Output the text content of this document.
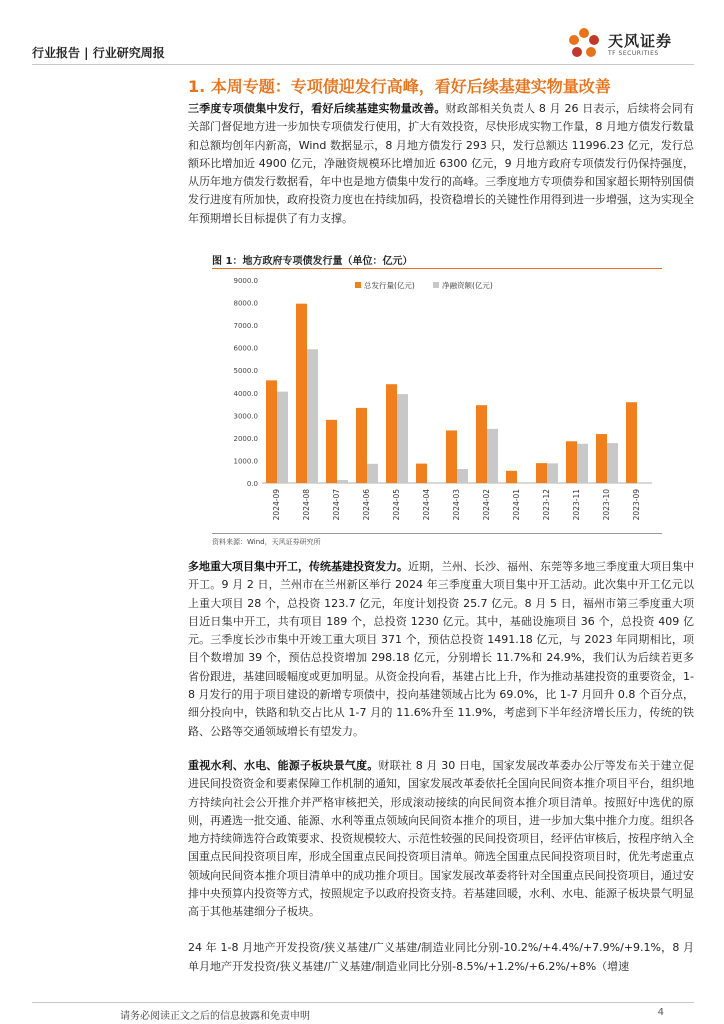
行业报告 | 行业研究周报
天风证券
TF SECURITIES
1. 本周专题：专项债迎发行高峰，看好后续基建实物量改善
三季度专项债集中发行，看好后续基建实物量改善。财政部相关负责人 8 月 26 日表示，后续将会同有关部门督促地方进一步加快专项债发行使用，扩大有效投资，尽快形成实物工作量，8 月地方债发行数量和总额均创年内新高，Wind 数据显示，8 月地方债发行 293 只，发行总额达 11996.23 亿元，发行总额环比增加近 4900 亿元，净融资规模环比增加近 6300 亿元，9 月地方政府专项债发行仍保持强度，从历年地方债发行数据看，年中也是地方债集中发行的高峰。三季度地方专项债券和国家超长期特别国债发行进度有所加快，政府投资力度也在持续加码，投资稳增长的关键性作用得到进一步增强，这为实现全年预期增长目标提供了有力支撑。
图 1：地方政府专项债发行量（单位：亿元）
0.0
1000.0
2000.0
3000.0
4000.0
5000.0
6000.0
7000.0
8000.0
9000.0
2024-09	2024-08	2024-07	2024-06	2024-05	2024-04	2024-03	2024-02	2024-01	2023-12	2023-11	2023-10	2023-09
总发行量(亿元)	净融资额(亿元)
资料来源：Wind，天风证券研究所
多地重大项目集中开工，传统基建投资发力。近期，兰州、长沙、福州、东莞等多地三季度重大项目集中开工。9 月 2 日，兰州市在兰州新区举行 2024 年三季度重大项目集中开工活动。此次集中开工亿元以上重大项目 28 个，总投资 123.7 亿元，年度计划投资 25.7 亿元。8 月 5 日，福州市第三季度重大项目近日集中开工，共有项目 189 个，总投资 1230 亿元。其中，基础设施项目 36 个，总投资 409 亿元。三季度长沙市集中开竣工重大项目 371 个，预估总投资 1491.18 亿元，与 2023 年同期相比，项目个数增加 39 个，预估总投资增加 298.18 亿元，分别增长 11.7%和 24.9%，我们认为后续若更多省份跟进，基建回暖幅度或更加明显。从资金投向看，基建占比上升，作为推动基建投资的重要资金，1-8 月发行的用于项目建设的新增专项债中，投向基建领域占比为 69.0%，比 1-7 月回升 0.8 个百分点，细分投向中，铁路和轨交占比从 1-7 月的 11.6%升至 11.9%，考虑到下半年经济增长压力，传统的铁路、公路等交通领域增长有望发力。
重视水利、水电、能源子板块景气度。财联社 8 月 30 日电，国家发展改革委办公厅等发布关于建立促进民间投资资金和要素保障工作机制的通知，国家发展改革委依托全国向民间资本推介项目平台，组织地方持续向社会公开推介并严格审核把关，形成滚动接续的向民间资本推介项目清单。按照好中选优的原则，再遴选一批交通、能源、水利等重点领域向民间资本推介的项目，进一步加大集中推介力度。组织各地方持续筛选符合政策要求、投资规模较大、示范性较强的民间投资项目，经评估审核后，按程序纳入全国重点民间投资项目库，形成全国重点民间投资项目清单。筛选全国重点民间投资项目时，优先考虑重点领域向民间资本推介项目清单中的成功推介项目。国家发展改革委将针对全国重点民间投资项目，通过安排中央预算内投资等方式，按照规定予以政府投资支持。若基建回暖，水利、水电、能源子板块景气明显高于其他基建细分子板块。
24 年 1-8 月地产开发投资/狭义基建/广义基建/制造业同比分别-10.2%/+4.4%/+7.9%/+9.1%，8 月单月地产开发投资/狭义基建/广义基建/制造业同比分别-8.5%/+1.2%/+6.2%/+8%（增速
请务必阅读正文之后的信息披露和免责申明	4
